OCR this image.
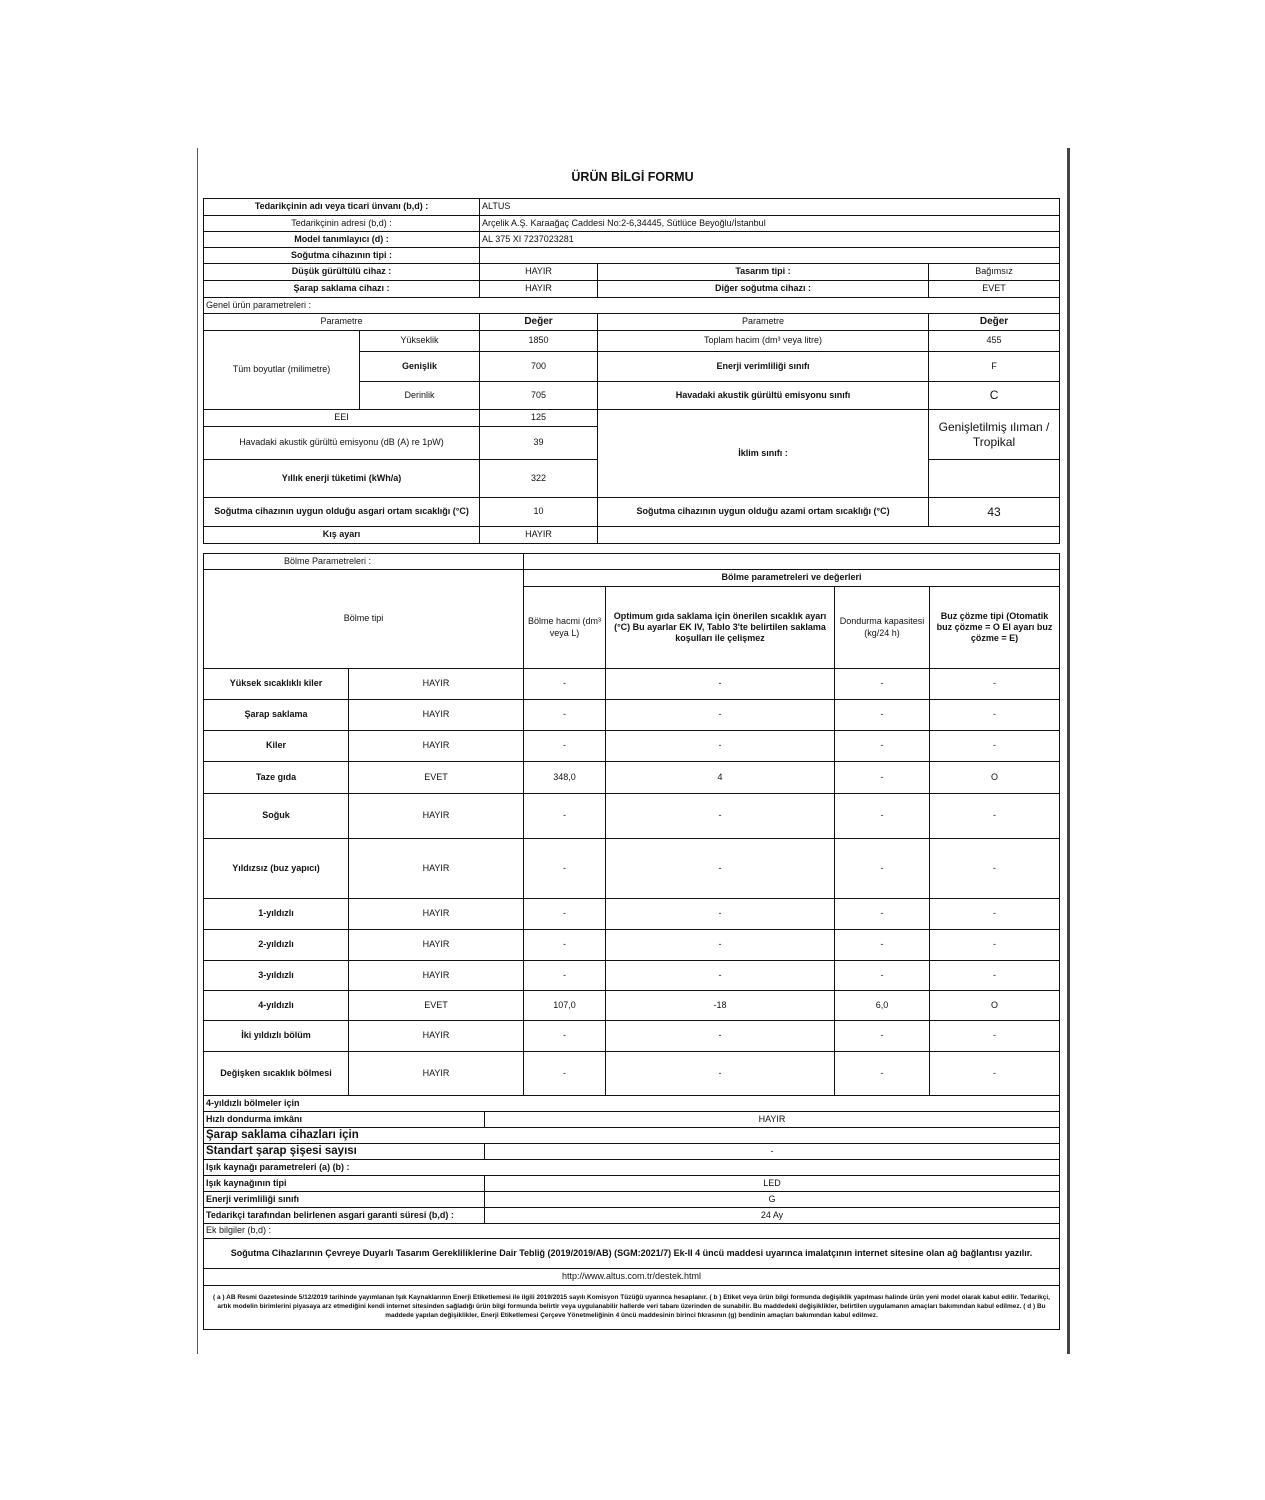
ÜRÜN BİLGİ FORMU
Tedarikçinin adı veya ticari ünvanı (b,d) :		ALTUS		
Tedarikçinin adresi (b,d) :		Arçelik A.Ş. Karaağaç Caddesi No:2-6,34445, Sütlüce Beyoğlu/İstanbul		
Model tanımlayıcı (d) :		AL 375 XI 7237023281		
Soğutma cihazının tipi :				
Düşük gürültülü cihaz :		HAYIR	Tasarım tipi :	Bağımsız
Şarap saklama cihazı :		HAYIR	Diğer soğutma cihazı :	EVET
Genel ürün parametreleri :				
Parametre		Değer	Parametre	Değer
Tüm boyutlar (milimetre)	Yükseklik	1850	Toplam hacim (dm³ veya litre)	455
	Genişlik	700	Enerji verimliliği sınıfı	F
	Derinlik	705	Havadaki akustik gürültü emisyonu sınıfı	C
EEI		125	İklim sınıfı :	Genişletilmiş ılıman / Tropikal
Havadaki akustik gürültü emisyonu (dB (A) re 1pW)		39		
Yıllık enerji tüketimi (kWh/a)		322		
Soğutma cihazının uygun olduğu asgari ortam sıcaklığı (°C)		10	Soğutma cihazının uygun olduğu azami ortam sıcaklığı (°C)	43
Kış ayarı		HAYIR		
Bölme Parametreleri :					
Bölme tipi		Bölme parametreleri ve değerleri			
		Bölme hacmi (dm³ veya L)	Optimum gıda saklama için önerilen sıcaklık ayarı (°C) Bu ayarlar EK IV, Tablo 3'te belirtilen saklama koşulları ile çelişmez	Dondurma kapasitesi (kg/24 h)	Buz çözme tipi (Otomatik buz çözme = O El ayarı buz çözme = E)
Yüksek sıcaklıklı kiler	HAYIR	-	-	-	-
Şarap saklama	HAYIR	-	-	-	-
Kiler	HAYIR	-	-	-	-
Taze gıda	EVET	348,0	4	-	O
Soğuk	HAYIR	-	-	-	-
Yıldızsız (buz yapıcı)	HAYIR	-	-	-	-
1-yıldızlı	HAYIR	-	-	-	-
2-yıldızlı	HAYIR	-	-	-	-
3-yıldızlı	HAYIR	-	-	-	-
4-yıldızlı	EVET	107,0	-18	6,0	O
İki yıldızlı bölüm	HAYIR	-	-	-	-
Değişken sıcaklık bölmesi	HAYIR	-	-	-	-
4-yıldızlı bölmeler için	
Hızlı dondurma imkânı	HAYIR
Şarap saklama cihazları için	
Standart şarap şişesi sayısı	-
Işık kaynağı parametreleri (a) (b) :	
Işık kaynağının tipi	LED
Enerji verimliliği sınıfı	G
Tedarikçi tarafından belirlenen asgari garanti süresi (b,d) :	24 Ay
Ek bilgiler (b,d) :	
Soğutma Cihazlarının Çevreye Duyarlı Tasarım Gerekliliklerine Dair Tebliğ (2019/2019/AB) (SGM:2021/7) Ek-II 4 üncü maddesi uyarınca imalatçının internet sitesine olan ağ bağlantısı yazılır.	
http://www.altus.com.tr/destek.html	
( a ) AB Resmi Gazetesinde 5/12/2019 tarihinde yayımlanan Işık Kaynaklarının Enerji Etiketlemesi ile ilgili 2019/2015 sayılı Komisyon Tüzüğü uyarınca hesaplanır. ( b ) Etiket veya ürün bilgi formunda değişiklik yapılması halinde ürün yeni model olarak kabul edilir. Tedarikçi, artık modelin birimlerini piyasaya arz etmediğini kendi internet sitesinden sağladığı ürün bilgi formunda belirtir veya uygulanabilir hallerde veri tabanı üzerinden de sunabilir. Bu maddedeki değişiklikler, belirtilen uygulamanın amaçları bakımından kabul edilmez. ( d ) Bu maddede yapılan değişiklikler, Enerji Etiketlemesi Çerçeve Yönetmeliğinin 4 üncü maddesinin birinci fıkrasının (g) bendinin amaçları bakımından kabul edilmez.	
